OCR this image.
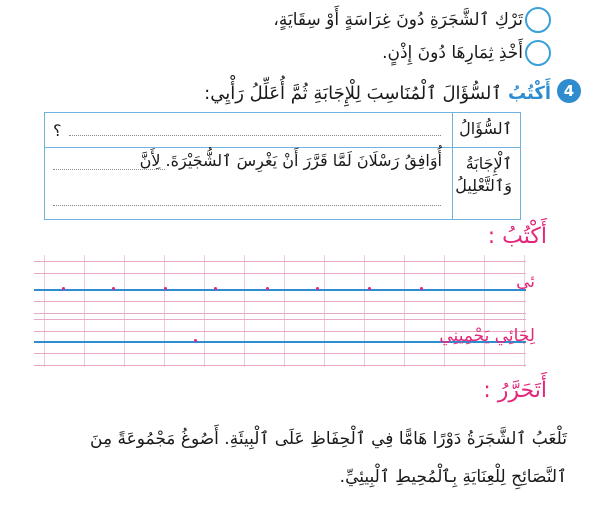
تَرْكِ ٱلشَّجَرَةِ دُونَ غِرَاسَةٍ أَوْ سِقَايَةٍ،
أَخْذِ ثِمَارِهَا دُونَ إِذْنٍ.
4
أَكْتُبُ
ٱلسُّؤَالَ ٱلْمُنَاسِبَ لِلْإِجَابَةِ ثُمَّ أُعَلِّلُ رَأْيِي:
ٱلسُّؤَالُ
؟
ٱلْإِجَابَةُ
وَٱلتَّعْلِيلُ
أُوَافِقُ رَسْلَانَ لَمَّا قَرَّرَ أَنْ يَغْرِسَ ٱلشُّجَيْرَةَ. لِأَنَّ
أَكْتُبُ :
ئى
لِجَائِي يَحْمِينِي
أَتَحَرَّرُ :
تَلْعَبُ ٱلشَّجَرَةُ دَوْرًا هَامًّا فِي ٱلْحِفَاظِ عَلَى ٱلْبِيئَةِ. أَصُوغُ مَجْمُوعَةً مِنَ
ٱلنَّصَائِحِ لِلْعِنَايَةِ بِٱلْمُحِيطِ ٱلْبِيئِيِّ.
